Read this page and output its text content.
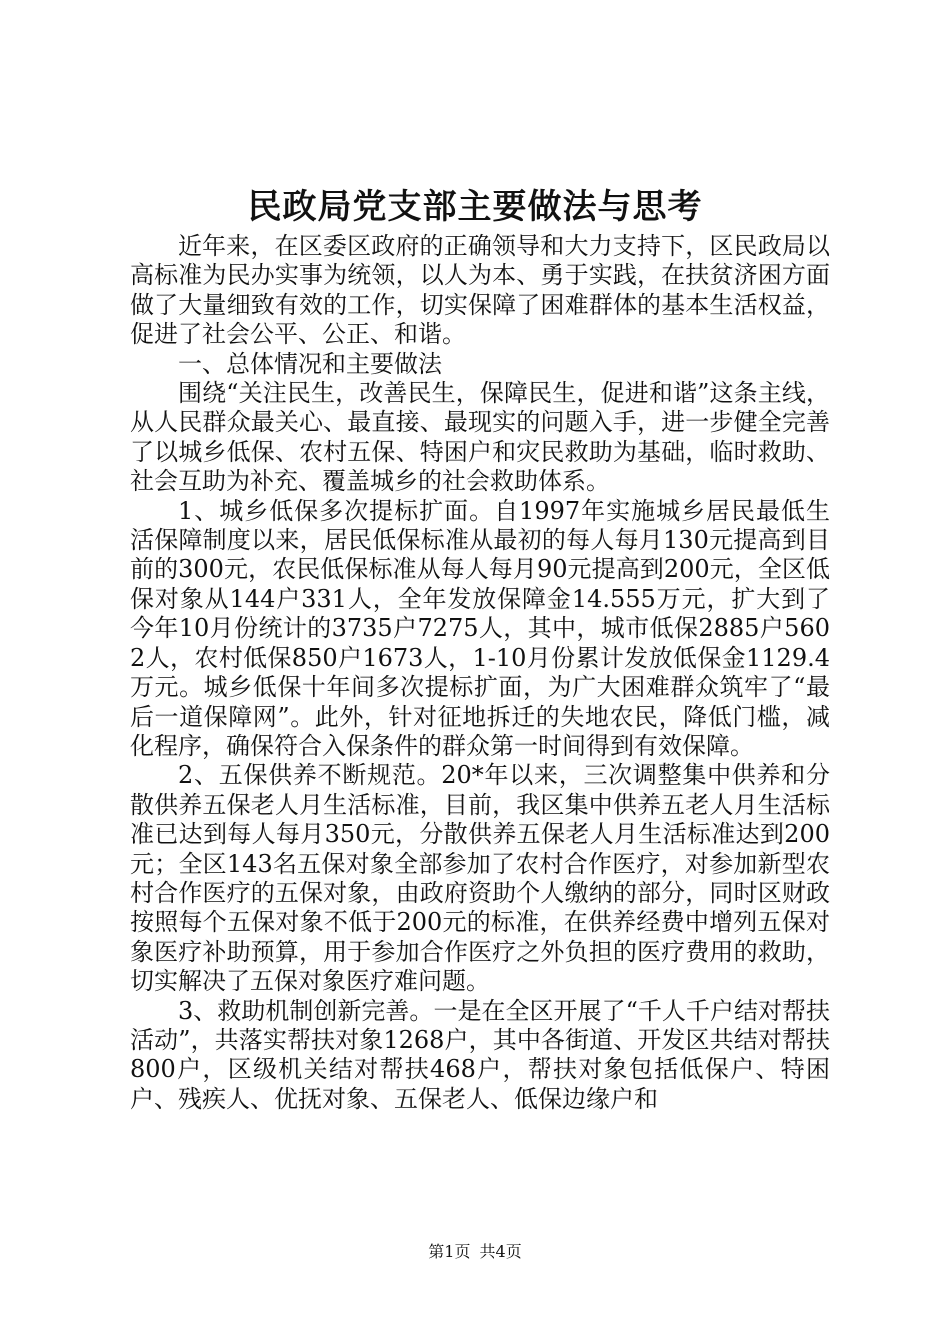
民政局党支部主要做法与思考

近年来，在区委区政府的正确领导和大力支持下，区民政局以高标准为民办实事为统领，以人为本、勇于实践，在扶贫济困方面做了大量细致有效的工作，切实保障了困难群体的基本生活权益，促进了社会公平、公正、和谐。

一、总体情况和主要做法

围绕“关注民生，改善民生，保障民生，促进和谐”这条主线，从人民群众最关心、最直接、最现实的问题入手，进一步健全完善了以城乡低保、农村五保、特困户和灾民救助为基础，临时救助、社会互助为补充、覆盖城乡的社会救助体系。

1、城乡低保多次提标扩面。自1997年实施城乡居民最低生活保障制度以来，居民低保标准从最初的每人每月130元提高到目前的300元，农民低保标准从每人每月90元提高到200元，全区低保对象从144户331人，全年发放保障金14.555万元，扩大到了今年10月份统计的3735户7275人，其中，城市低保2885户5602人，农村低保850户1673人，1-10月份累计发放低保金1129.4万元。城乡低保十年间多次提标扩面，为广大困难群众筑牢了“最后一道保障网”。此外，针对征地拆迁的失地农民，降低门槛，减化程序，确保符合入保条件的群众第一时间得到有效保障。

2、五保供养不断规范。20*年以来，三次调整集中供养和分散供养五保老人月生活标准，目前，我区集中供养五老人月生活标准已达到每人每月350元，分散供养五保老人月生活标准达到200元；全区143名五保对象全部参加了农村合作医疗，对参加新型农村合作医疗的五保对象，由政府资助个人缴纳的部分，同时区财政按照每个五保对象不低于200元的标准，在供养经费中增列五保对象医疗补助预算，用于参加合作医疗之外负担的医疗费用的救助，切实解决了五保对象医疗难问题。

3、救助机制创新完善。一是在全区开展了“千人千户结对帮扶活动”，共落实帮扶对象1268户，其中各街道、开发区共结对帮扶800户，区级机关结对帮扶468户，帮扶对象包括低保户、特困户、残疾人、优抚对象、五保老人、低保边缘户和

第1页 共4页
